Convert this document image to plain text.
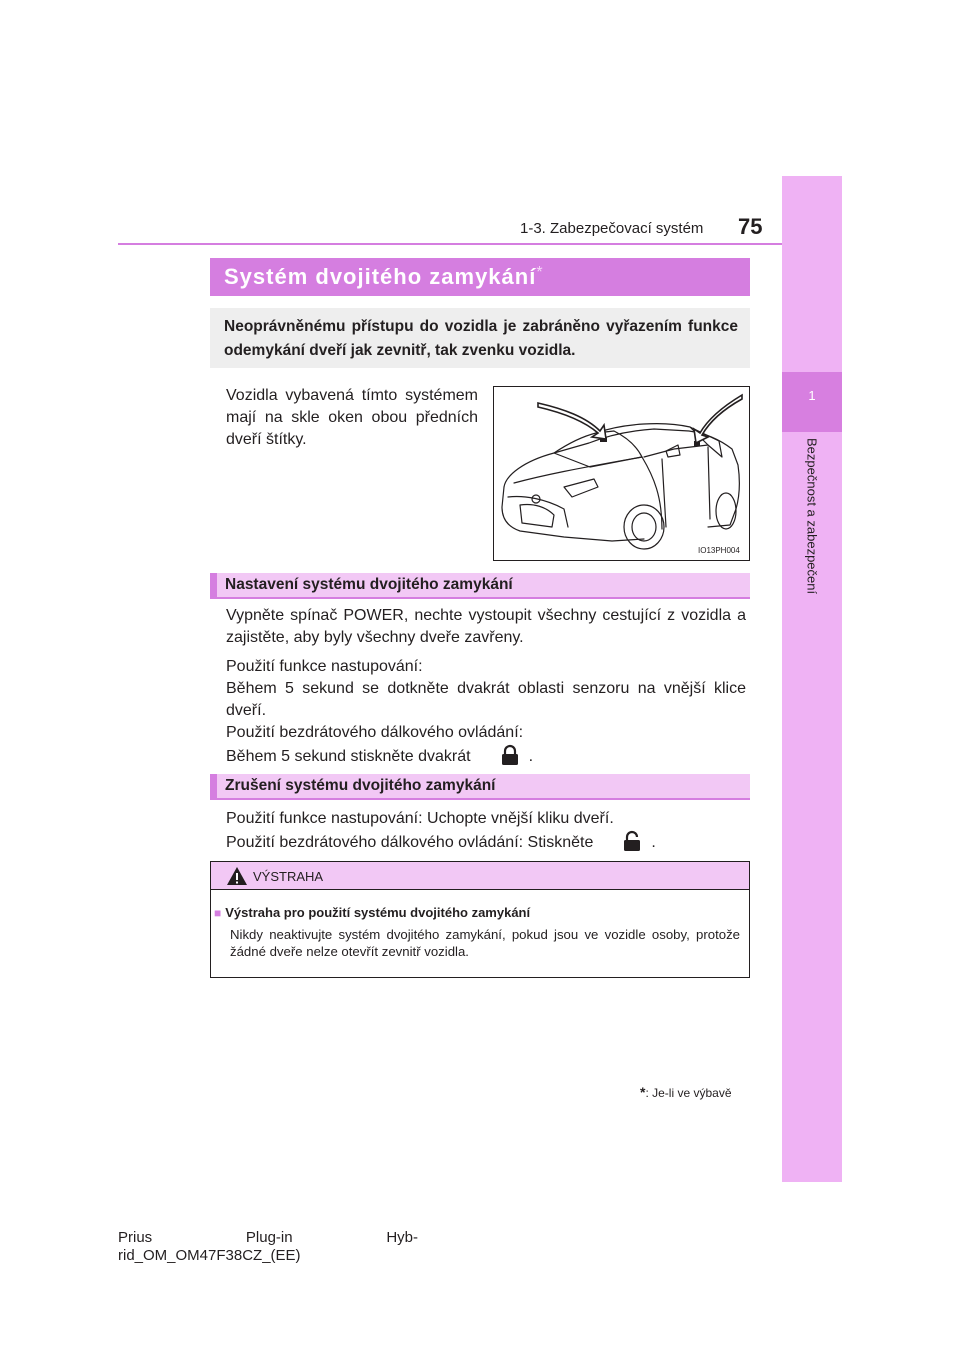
1-3. Zabezpečovací systém 75
1
Bezpečnost a zabezpečení
Systém dvojitého zamykání*
Neoprávněnému přístupu do vozidla je zabráněno vyřazením funkce odemykání dveří jak zevnitř, tak zvenku vozidla.
Vozidla vybavená tímto systémem mají na skle oken obou předních dveří štítky.
IO13PH004
Nastavení systému dvojitého zamykání
Vypněte spínač POWER, nechte vystoupit všechny cestující z vozidla a zajistěte, aby byly všechny dveře zavřeny.
Použití funkce nastupování:
Během 5 sekund se dotkněte dvakrát oblasti senzoru na vnější klice dveří.
Použití bezdrátového dálkového ovládání:
Během 5 sekund stiskněte dvakrát	.
Zrušení systému dvojitého zamykání
Použití funkce nastupování: Uchopte vnější kliku dveří.
Použití bezdrátového dálkového ovládání: Stiskněte	.
VÝSTRAHA
■ Výstraha pro použití systému dvojitého zamykání
Nikdy neaktivujte systém dvojitého zamykání, pokud jsou ve vozidle osoby, protože žádné dveře nelze otevřít zevnitř vozidla.
*: Je-li ve výbavě
Prius	Plug-in	Hyb-
rid_OM_OM47F38CZ_(EE)
